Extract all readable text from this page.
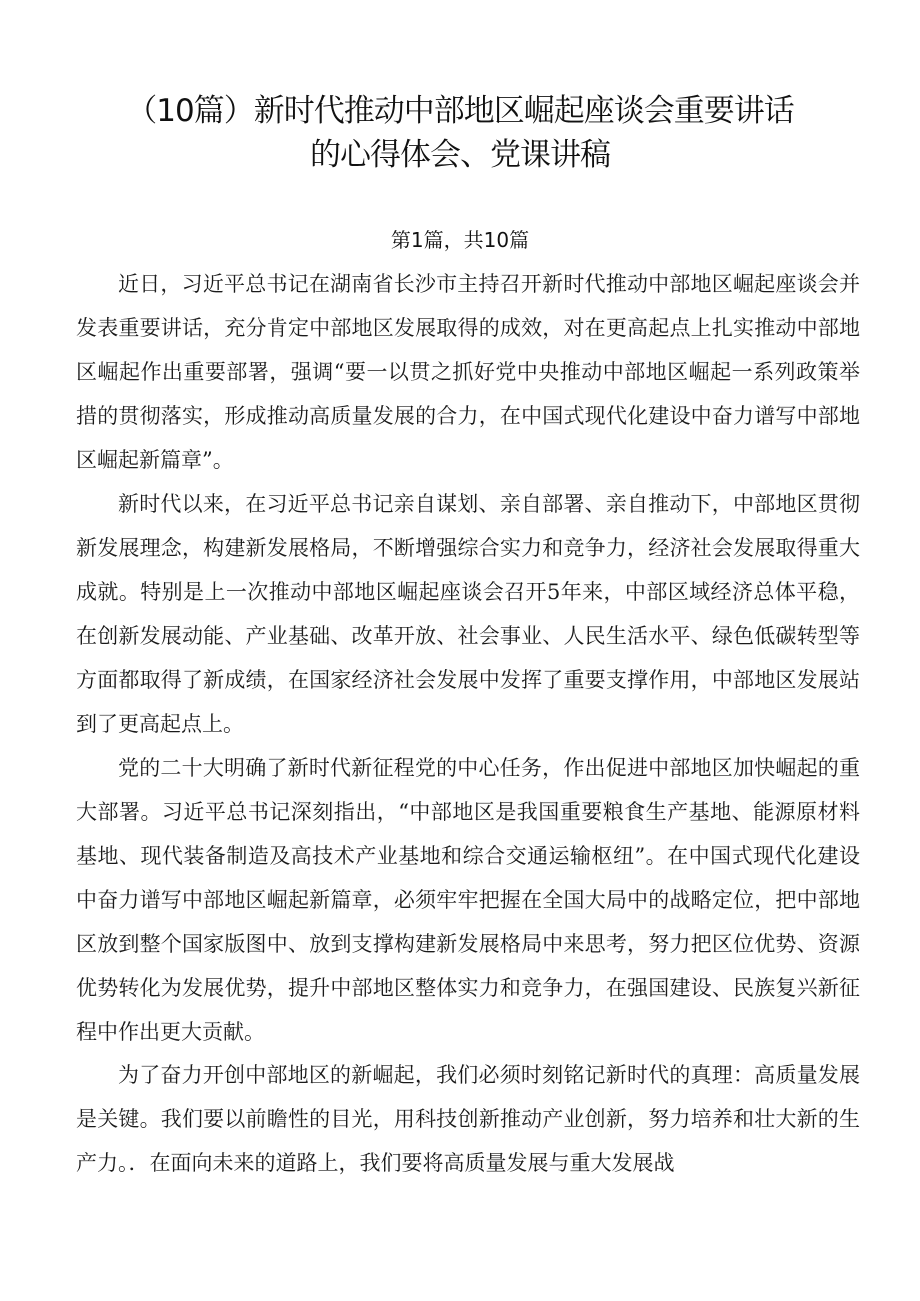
（10篇）新时代推动中部地区崛起座谈会重要讲话
的心得体会、党课讲稿
第1篇，共10篇

近日，习近平总书记在湖南省长沙市主持召开新时代推动中部地区崛起座谈会并发表重要讲话，充分肯定中部地区发展取得的成效，对在更高起点上扎实推动中部地区崛起作出重要部署，强调“要一以贯之抓好党中央推动中部地区崛起一系列政策举措的贯彻落实，形成推动高质量发展的合力，在中国式现代化建设中奋力谱写中部地区崛起新篇章”。

新时代以来，在习近平总书记亲自谋划、亲自部署、亲自推动下，中部地区贯彻新发展理念，构建新发展格局，不断增强综合实力和竞争力，经济社会发展取得重大成就。特别是上一次推动中部地区崛起座谈会召开5年来，中部区域经济总体平稳，在创新发展动能、产业基础、改革开放、社会事业、人民生活水平、绿色低碳转型等方面都取得了新成绩，在国家经济社会发展中发挥了重要支撑作用，中部地区发展站到了更高起点上。

党的二十大明确了新时代新征程党的中心任务，作出促进中部地区加快崛起的重大部署。习近平总书记深刻指出，“中部地区是我国重要粮食生产基地、能源原材料基地、现代装备制造及高技术产业基地和综合交通运输枢纽”。在中国式现代化建设中奋力谱写中部地区崛起新篇章，必须牢牢把握在全国大局中的战略定位，把中部地区放到整个国家版图中、放到支撑构建新发展格局中来思考，努力把区位优势、资源优势转化为发展优势，提升中部地区整体实力和竞争力，在强国建设、民族复兴新征程中作出更大贡献。

为了奋力开创中部地区的新崛起，我们必须时刻铭记新时代的真理：高质量发展是关键。我们要以前瞻性的目光，用科技创新推动产业创新，努力培养和壮大新的生产力。．在面向未来的道路上，我们要将高质量发展与重大发展战
